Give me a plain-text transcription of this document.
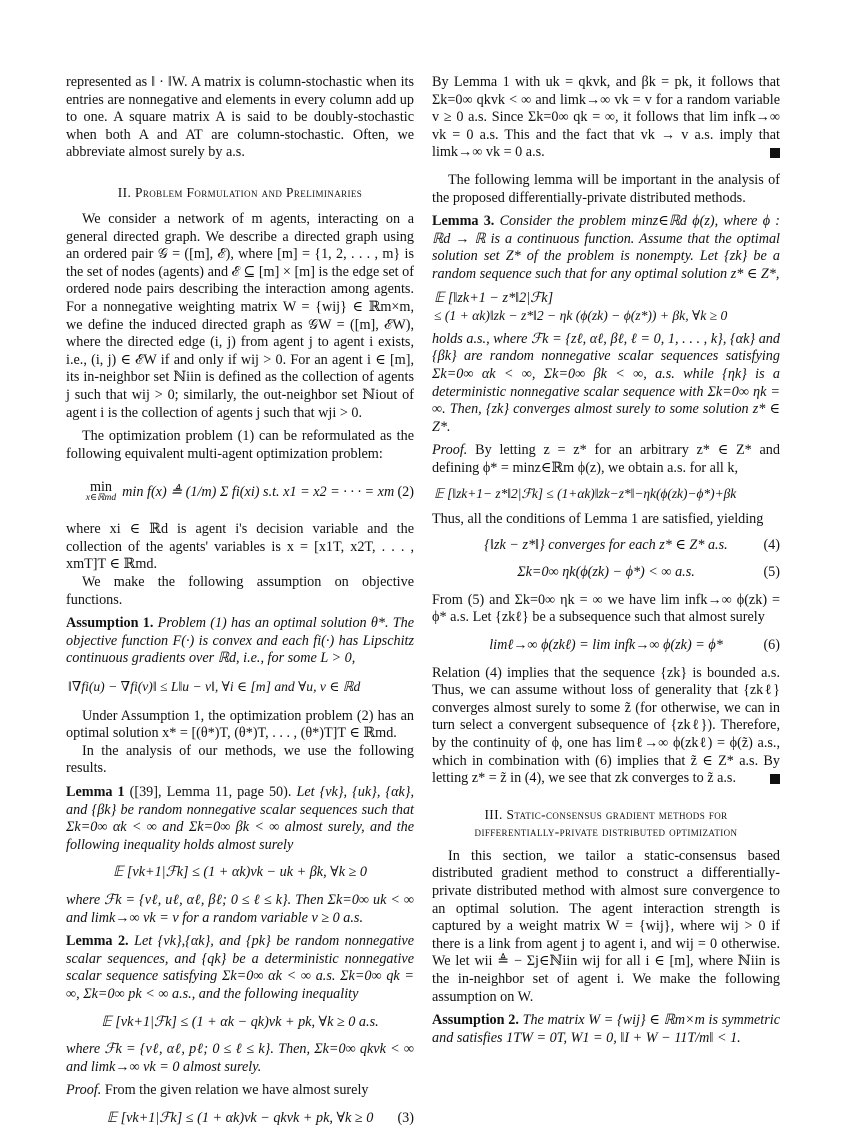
represented as ‖ · ‖W. A matrix is column-stochastic when its entries are nonnegative and elements in every column add up to one. A square matrix A is said to be doubly-stochastic when both A and AT are column-stochastic. Often, we abbreviate almost surely by a.s.

II. Problem Formulation and Preliminaries

We consider a network of m agents, interacting on a general directed graph. We describe a directed graph using an ordered pair 𝒢 = ([m], ℰ), where [m] = {1, 2, . . . , m} is the set of nodes (agents) and ℰ ⊆ [m] × [m] is the edge set of ordered node pairs describing the interaction among agents. For a nonnegative weighting matrix W = {wij} ∈ ℝm×m, we define the induced directed graph as 𝒢W = ([m], ℰW), where the directed edge (i, j) from agent j to agent i exists, i.e., (i, j) ∈ ℰW if and only if wij > 0. For an agent i ∈ [m], its in-neighbor set ℕiin is defined as the collection of agents j such that wij > 0; similarly, the out-neighbor set ℕiout of agent i is the collection of agents j such that wji > 0.

The optimization problem (1) can be reformulated as the following equivalent multi-agent optimization problem:

min
x∈ℝmd min f(x) ≜ (1/m) Σ fi(xi) s.t. x1 = x2 = · · · = xm (2)

where xi ∈ ℝd is agent i's decision variable and the collection of the agents' variables is x = [x1T, x2T, . . . , xmT]T ∈ ℝmd.

We make the following assumption on objective functions.

Assumption 1. Problem (1) has an optimal solution θ*. The objective function F(·) is convex and each fi(·) has Lipschitz continuous gradients over ℝd, i.e., for some L > 0,

‖∇fi(u) − ∇fi(v)‖ ≤ L‖u − v‖, ∀i ∈ [m] and ∀u, v ∈ ℝd

Under Assumption 1, the optimization problem (2) has an optimal solution x* = [(θ*)T, (θ*)T, . . . , (θ*)T]T ∈ ℝmd.

In the analysis of our methods, we use the following results.

Lemma 1 ([39], Lemma 11, page 50). Let {vk}, {uk}, {αk}, and {βk} be random nonnegative scalar sequences such that Σk=0∞ αk < ∞ and Σk=0∞ βk < ∞ almost surely, and the following inequality holds almost surely

𝔼 [vk+1|ℱk] ≤ (1 + αk)vk − uk + βk, ∀k ≥ 0

where ℱk = {vℓ, uℓ, αℓ, βℓ; 0 ≤ ℓ ≤ k}. Then Σk=0∞ uk < ∞ and limk→∞ vk = v for a random variable v ≥ 0 a.s.

Lemma 2. Let {vk},{αk}, and {pk} be random nonnegative scalar sequences, and {qk} be a deterministic nonnegative scalar sequence satisfying Σk=0∞ αk < ∞ a.s. Σk=0∞ qk = ∞, Σk=0∞ pk < ∞ a.s., and the following inequality

𝔼 [vk+1|ℱk] ≤ (1 + αk − qk)vk + pk, ∀k ≥ 0 a.s.

where ℱk = {vℓ, αℓ, pℓ; 0 ≤ ℓ ≤ k}. Then, Σk=0∞ qkvk < ∞ and limk→∞ vk = 0 almost surely.

Proof. From the given relation we have almost surely

𝔼 [vk+1|ℱk] ≤ (1 + αk)vk − qkvk + pk, ∀k ≥ 0 (3)

By Lemma 1 with uk = qkvk, and βk = pk, it follows that Σk=0∞ qkvk < ∞ and limk→∞ vk = v for a random variable v ≥ 0 a.s. Since Σk=0∞ qk = ∞, it follows that lim infk→∞ vk = 0 a.s. This and the fact that vk → v a.s. imply that limk→∞ vk = 0 a.s.

The following lemma will be important in the analysis of the proposed differentially-private distributed methods.

Lemma 3. Consider the problem minz∈ℝd ϕ(z), where ϕ : ℝd → ℝ is a continuous function. Assume that the optimal solution set Z* of the problem is nonempty. Let {zk} be a random sequence such that for any optimal solution z* ∈ Z*,

𝔼 [‖zk+1 − z*‖2|ℱk]
≤ (1 + αk)‖zk − z*‖2 − ηk (ϕ(zk) − ϕ(z*)) + βk, ∀k ≥ 0

holds a.s., where ℱk = {zℓ, αℓ, βℓ, ℓ = 0, 1, . . . , k}, {αk} and {βk} are random nonnegative scalar sequences satisfying Σk=0∞ αk < ∞, Σk=0∞ βk < ∞, a.s. while {ηk} is a deterministic nonnegative scalar sequence with Σk=0∞ ηk = ∞. Then, {zk} converges almost surely to some solution z* ∈ Z*.

Proof. By letting z = z* for an arbitrary z* ∈ Z* and defining ϕ* = minz∈ℝm ϕ(z), we obtain a.s. for all k,

𝔼 [‖zk+1− z*‖2|ℱk] ≤ (1+αk)‖zk−z*‖−ηk(ϕ(zk)−ϕ*)+βk

Thus, all the conditions of Lemma 1 are satisfied, yielding

{‖zk − z*‖} converges for each z* ∈ Z* a.s.	(4)
Σk=0∞ ηk(ϕ(zk) − ϕ*) < ∞ a.s.	(5)

From (5) and Σk=0∞ ηk = ∞ we have lim infk→∞ ϕ(zk) = ϕ* a.s. Let {zkℓ} be a subsequence such that almost surely

limℓ→∞ ϕ(zkℓ) = lim infk→∞ ϕ(zk) = ϕ*	(6)

Relation (4) implies that the sequence {zk} is bounded a.s. Thus, we can assume without loss of generality that {zkℓ} converges almost surely to some z̃ (for otherwise, we can in turn select a convergent subsequence of {zkℓ}). Therefore, by the continuity of ϕ, one has limℓ→∞ ϕ(zkℓ) = ϕ(z̃) a.s., which in combination with (6) implies that z̃ ∈ Z* a.s. By letting z* = z̃ in (4), we see that zk converges to z̃ a.s.

III. Static-consensus gradient methods for

differentially-private distributed optimization

In this section, we tailor a static-consensus based distributed gradient method to construct a differentially-private distributed method with almost sure convergence to an optimal solution. The agent interaction strength is captured by a weight matrix W = {wij}, where wij > 0 if there is a link from agent j to agent i, and wij = 0 otherwise. We let wii ≜ − Σj∈ℕiin wij for all i ∈ [m], where ℕiin is the in-neighbor set of agent i. We make the following assumption on W.

Assumption 2. The matrix W = {wij} ∈ ℝm×m is symmetric and satisfies 1TW = 0T, W1 = 0, ‖I + W − 11T/m‖ < 1.
